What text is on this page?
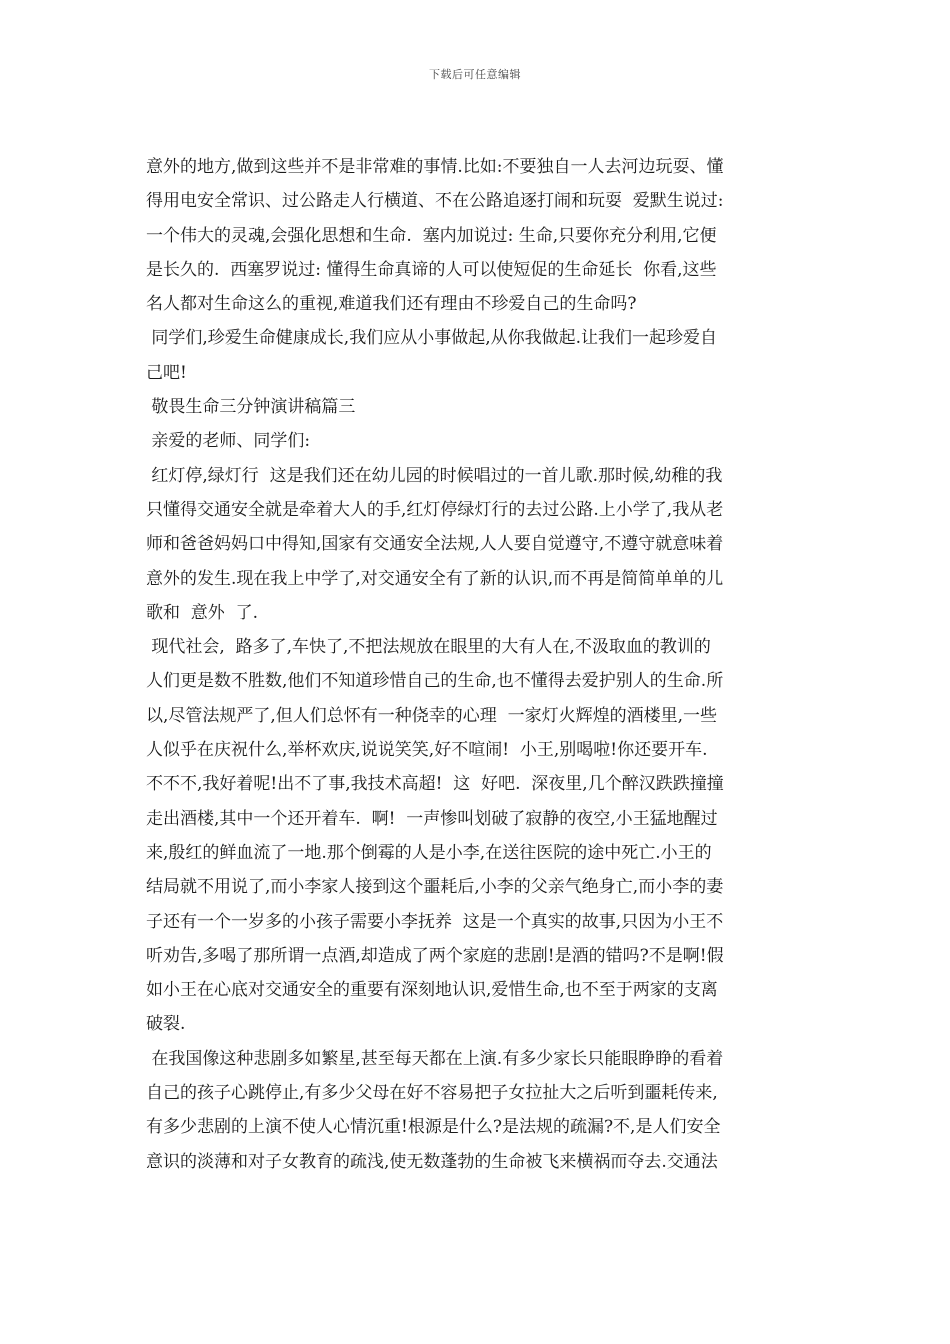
下载后可任意编辑
意外的地方,做到这些并不是非常难的事情.比如:不要独自一人去河边玩耍、懂
得用电安全常识、过公路走人行横道、不在公路追逐打闹和玩耍  爱默生说过:
一个伟大的灵魂,会强化思想和生命.  塞内加说过: 生命,只要你充分利用,它便
是长久的.  西塞罗说过: 懂得生命真谛的人可以使短促的生命延长  你看,这些
名人都对生命这么的重视,难道我们还有理由不珍爱自己的生命吗?
同学们,珍爱生命健康成长,我们应从小事做起,从你我做起.让我们一起珍爱自
己吧!
敬畏生命三分钟演讲稿篇三
亲爱的老师、同学们:
红灯停,绿灯行  这是我们还在幼儿园的时候唱过的一首儿歌.那时候,幼稚的我
只懂得交通安全就是牵着大人的手,红灯停绿灯行的去过公路.上小学了,我从老
师和爸爸妈妈口中得知,国家有交通安全法规,人人要自觉遵守,不遵守就意味着
意外的发生.现在我上中学了,对交通安全有了新的认识,而不再是简简单单的儿
歌和  意外  了.
现代社会,  路多了,车快了,不把法规放在眼里的大有人在,不汲取血的教训的
人们更是数不胜数,他们不知道珍惜自己的生命,也不懂得去爱护别人的生命.所
以,尽管法规严了,但人们总怀有一种侥幸的心理  一家灯火辉煌的酒楼里,一些
人似乎在庆祝什么,举杯欢庆,说说笑笑,好不喧闹!  小王,别喝啦!你还要开车.
不不不,我好着呢!出不了事,我技术高超!  这  好吧.  深夜里,几个醉汉跌跌撞撞
走出酒楼,其中一个还开着车.  啊!  一声惨叫划破了寂静的夜空,小王猛地醒过
来,殷红的鲜血流了一地.那个倒霉的人是小李,在送往医院的途中死亡.小王的
结局就不用说了,而小李家人接到这个噩耗后,小李的父亲气绝身亡,而小李的妻
子还有一个一岁多的小孩子需要小李抚养  这是一个真实的故事,只因为小王不
听劝告,多喝了那所谓一点酒,却造成了两个家庭的悲剧!是酒的错吗?不是啊!假
如小王在心底对交通安全的重要有深刻地认识,爱惜生命,也不至于两家的支离
破裂.
在我国像这种悲剧多如繁星,甚至每天都在上演.有多少家长只能眼睁睁的看着
自己的孩子心跳停止,有多少父母在好不容易把子女拉扯大之后听到噩耗传来,
有多少悲剧的上演不使人心情沉重!根源是什么?是法规的疏漏?不,是人们安全
意识的淡薄和对子女教育的疏浅,使无数蓬勃的生命被飞来横祸而夺去.交通法
